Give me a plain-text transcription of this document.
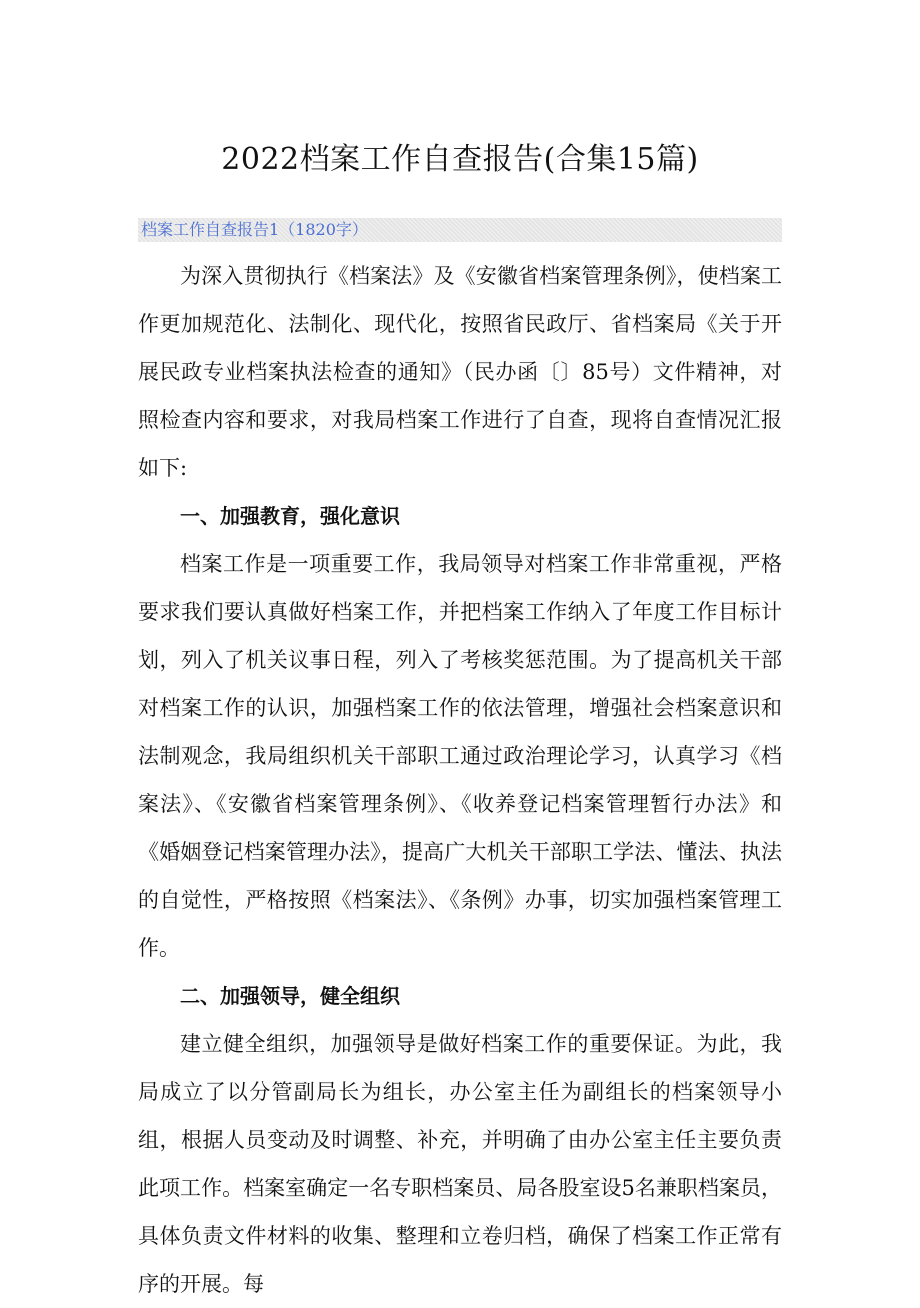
2022档案工作自查报告(合集15篇)
档案工作自查报告1（1820字）

为深入贯彻执行《档案法》及《安徽省档案管理条例》，使档案工作更加规范化、法制化、现代化，按照省民政厅、省档案局《关于开展民政专业档案执法检查的通知》（民办函〔〕85号）文件精神，对照检查内容和要求，对我局档案工作进行了自查，现将自查情况汇报如下:

一、加强教育，强化意识

档案工作是一项重要工作，我局领导对档案工作非常重视，严格要求我们要认真做好档案工作，并把档案工作纳入了年度工作目标计划，列入了机关议事日程，列入了考核奖惩范围。为了提高机关干部对档案工作的认识，加强档案工作的依法管理，增强社会档案意识和法制观念，我局组织机关干部职工通过政治理论学习，认真学习《档案法》、《安徽省档案管理条例》、《收养登记档案管理暂行办法》和《婚姻登记档案管理办法》，提高广大机关干部职工学法、懂法、执法的自觉性，严格按照《档案法》、《条例》办事，切实加强档案管理工作。

二、加强领导，健全组织

建立健全组织，加强领导是做好档案工作的重要保证。为此，我局成立了以分管副局长为组长，办公室主任为副组长的档案领导小组，根据人员变动及时调整、补充，并明确了由办公室主任主要负责此项工作。档案室确定一名专职档案员、局各股室设5名兼职档案员，具体负责文件材料的收集、整理和立卷归档，确保了档案工作正常有序的开展。每
